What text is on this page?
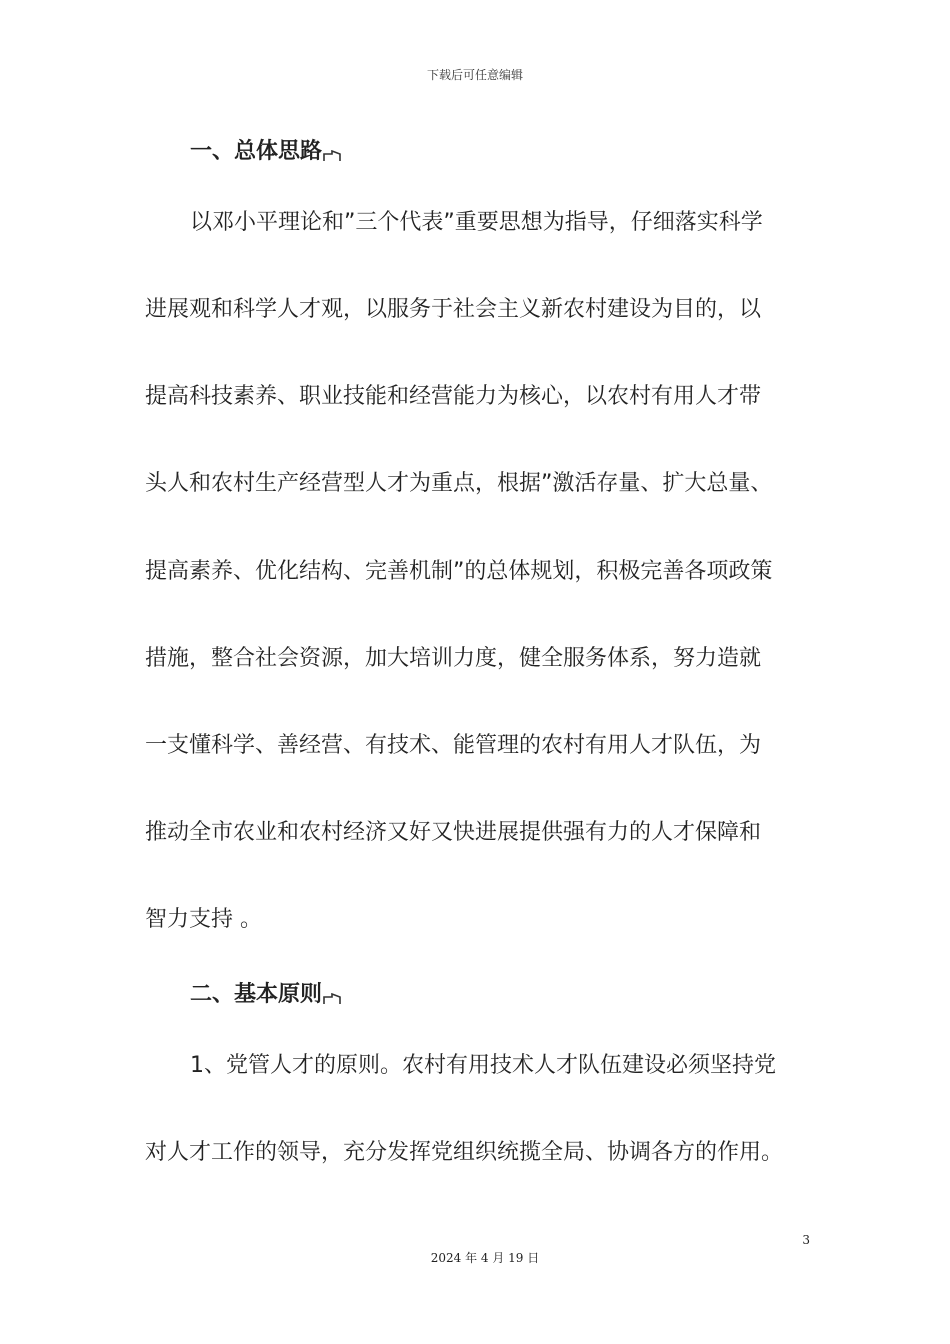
下载后可任意编辑
一、总体思路
以邓小平理论和”三个代表”重要思想为指导，仔细落实科学
进展观和科学人才观，以服务于社会主义新农村建设为目的，以
提高科技素养、职业技能和经营能力为核心，以农村有用人才带
头人和农村生产经营型人才为重点，根据”激活存量、扩大总量、
提高素养、优化结构、完善机制”的总体规划，积极完善各项政策
措施，整合社会资源，加大培训力度，健全服务体系，努力造就
一支懂科学、善经营、有技术、能管理的农村有用人才队伍，为
推动全市农业和农村经济又好又快进展提供强有力的人才保障和
智力支持 。
二、基本原则
1、党管人才的原则。农村有用技术人才队伍建设必须坚持党
对人才工作的领导，充分发挥党组织统揽全局、协调各方的作用。
3
2024 年 4 月 19 日
